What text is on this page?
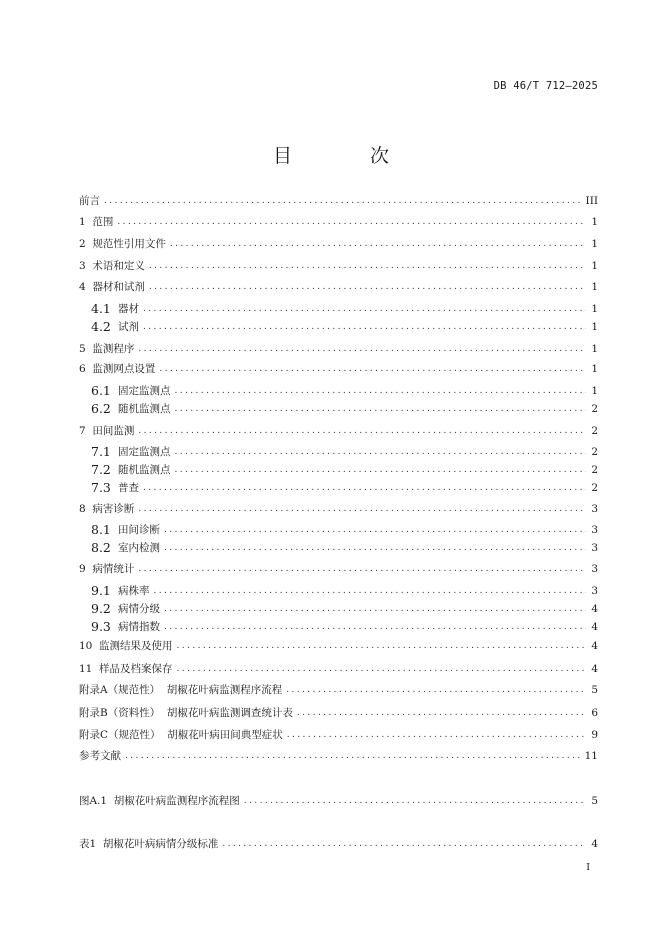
DB 46/T 712—2025
目 次
前言 .....	III
1 范围 .....	1
2 规范性引用文件 .....	1
3 术语和定义 .....	1
4 器材和试剂 .....	1
4.1 器材 .....	1
4.2 试剂 .....	1
5 监测程序 .....	1
6 监测网点设置 .....	1
6.1 固定监测点 .....	1
6.2 随机监测点 .....	2
7 田间监测 .....	2
7.1 固定监测点 .....	2
7.2 随机监测点 .....	2
7.3 普查 .....	2
8 病害诊断 .....	3
8.1 田间诊断 .....	3
8.2 室内检测 .....	3
9 病情统计 .....	3
9.1 病株率 .....	3
9.2 病情分级 .....	4
9.3 病情指数 .....	4
10 监测结果及使用 .....	4
11 样品及档案保存 .....	4
附录A（规范性） 胡椒花叶病监测程序流程 .....	5
附录B（资料性） 胡椒花叶病监测调查统计表 .....	6
附录C（规范性） 胡椒花叶病田间典型症状 .....	9
参考文献 .....	11
图A.1 胡椒花叶病监测程序流程图 .....	5
表1 胡椒花叶病病情分级标准 .....	4
I
